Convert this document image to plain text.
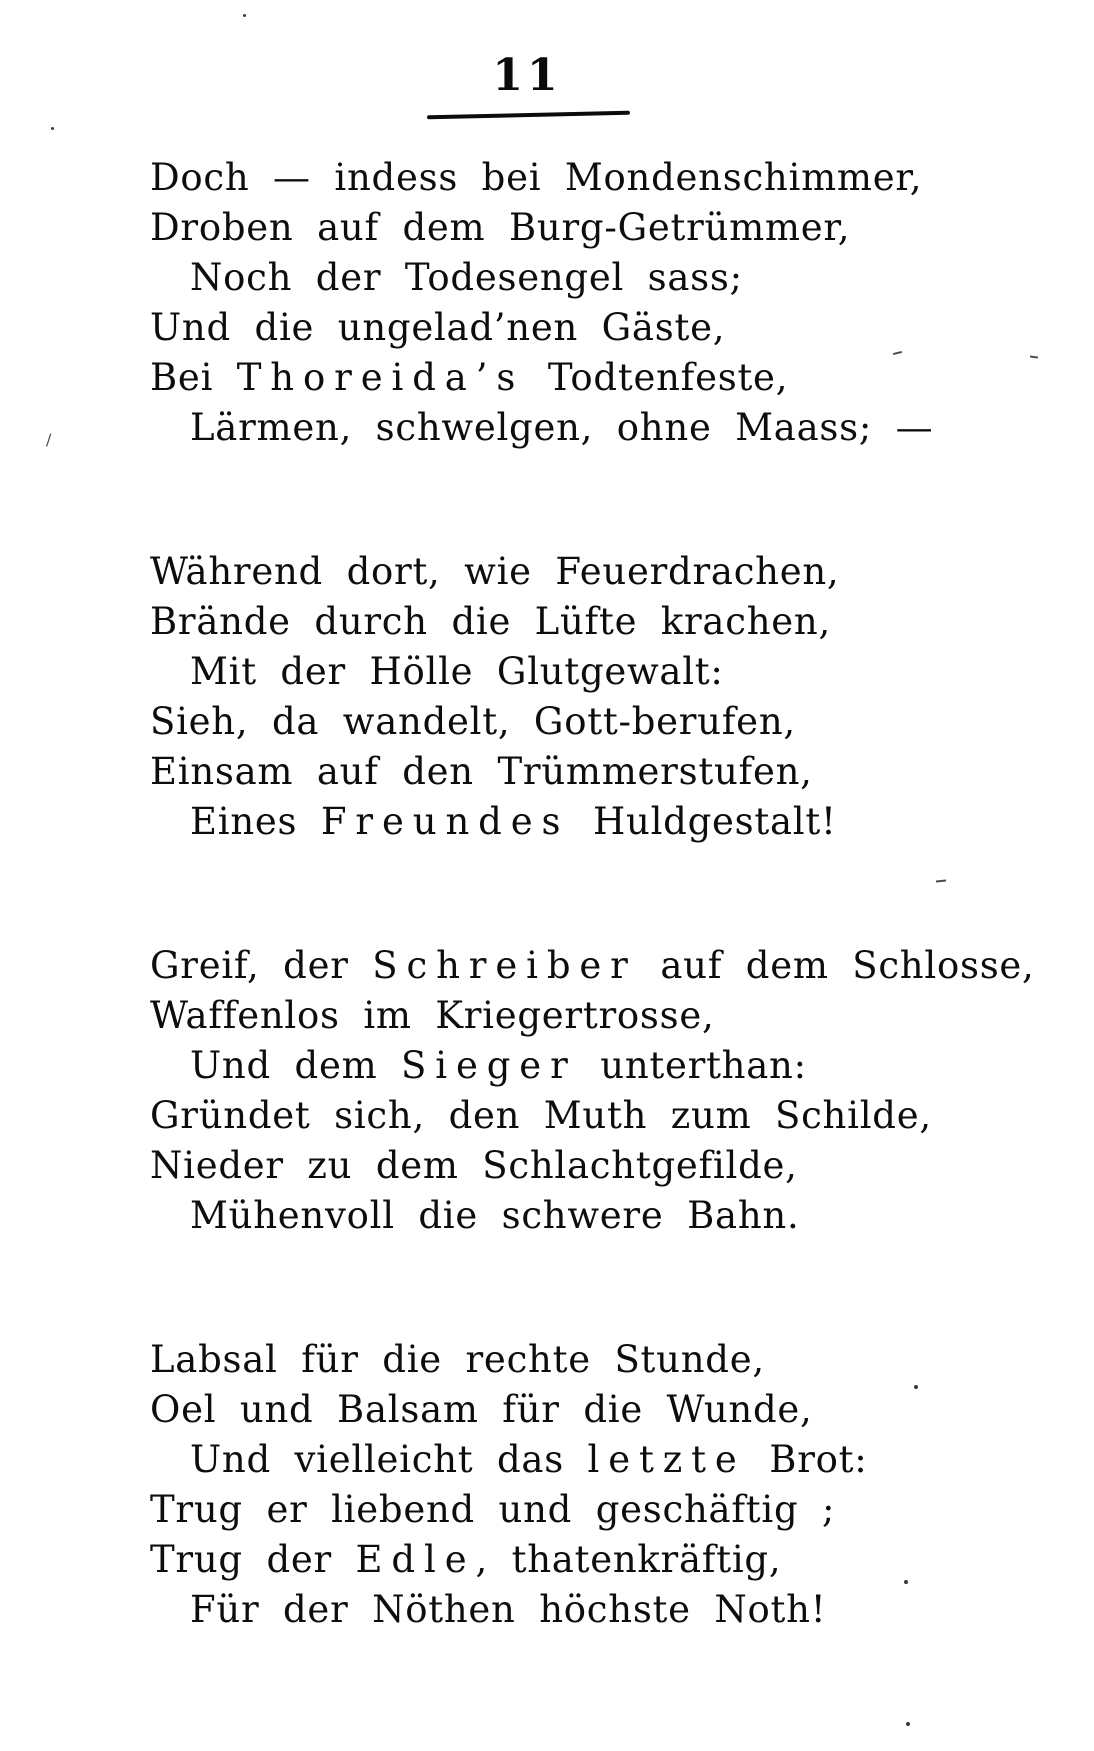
11
Doch — indess bei Mondenschimmer,
Droben auf dem Burg-Getrümmer,
Noch der Todesengel sass;
Und die ungelad’nen Gäste,
Bei Thoreida’s Todtenfeste,
Lärmen, schwelgen, ohne Maass; —
Während dort, wie Feuerdrachen,
Brände durch die Lüfte krachen,
Mit der Hölle Glutgewalt:
Sieh, da wandelt, Gott-berufen,
Einsam auf den Trümmerstufen,
Eines Freundes Huldgestalt!
Greif, der Schreiber auf dem Schlosse,
Waffenlos im Kriegertrosse,
Und dem Sieger unterthan:
Gründet sich, den Muth zum Schilde,
Nieder zu dem Schlachtgefilde,
Mühenvoll die schwere Bahn.
Labsal für die rechte Stunde,
Oel und Balsam für die Wunde,
Und vielleicht das letzte Brot:
Trug er liebend und geschäftig ;
Trug der Edle, thatenkräftig,
Für der Nöthen höchste Noth!
/
